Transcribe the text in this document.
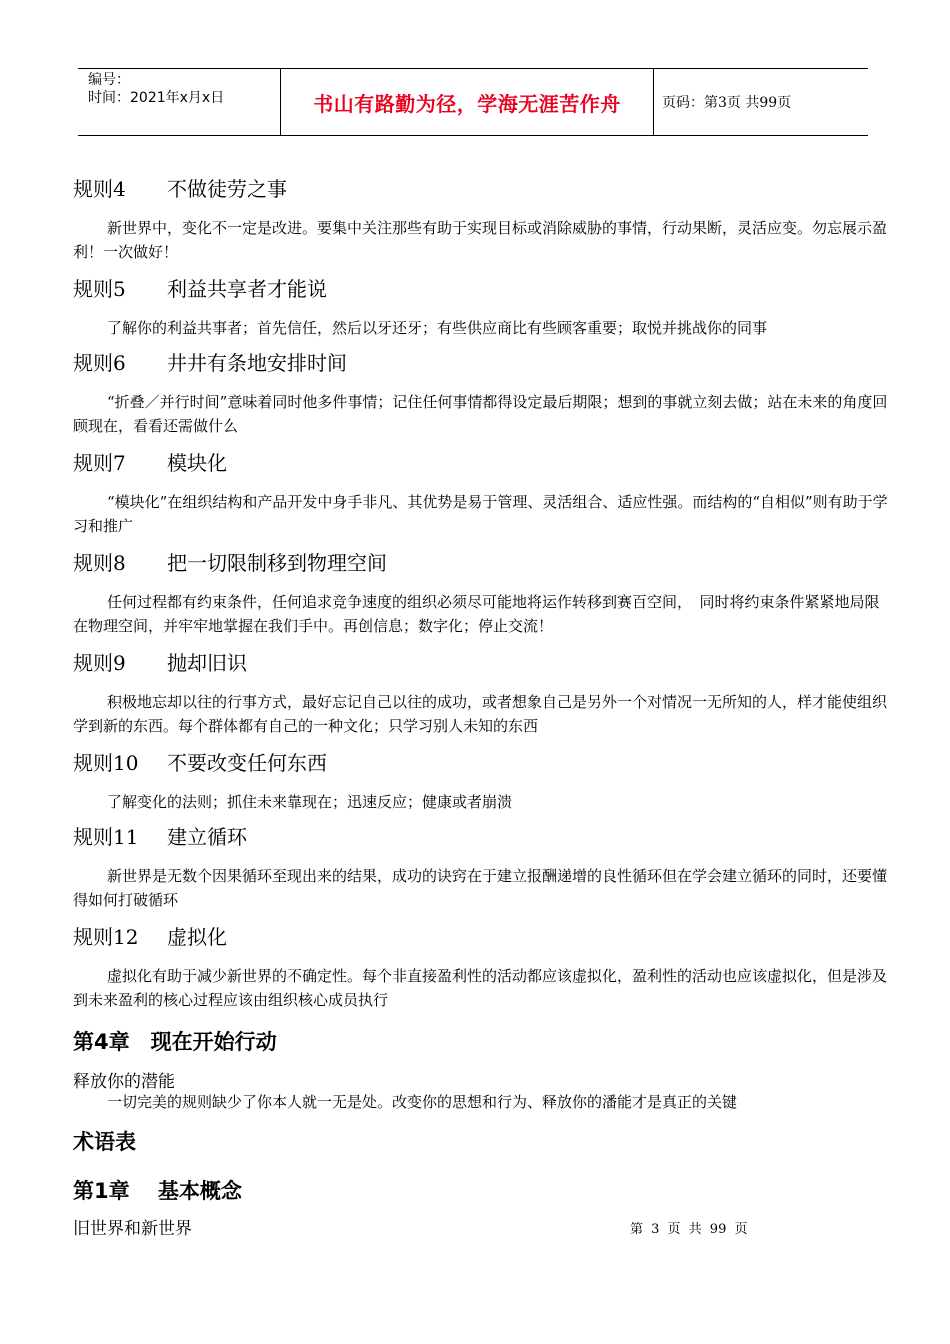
编号：
时间：2021年x月x日	书山有路勤为径，学海无涯苦作舟	页码：第3页 共99页
规则4	不做徒劳之事

新世界中，变化不一定是改进。要集中关注那些有助于实现目标或消除威胁的事情，行动果断，灵活应变。勿忘展示盈利！一次做好！

规则5	利益共享者才能说

了解你的利益共事者；首先信任，然后以牙还牙；有些供应商比有些顾客重要；取悦并挑战你的同事

规则6	井井有条地安排时间

“折叠／并行时间”意味着同时他多件事情；记住任何事情都得设定最后期限；想到的事就立刻去做；站在未来的角度回顾现在，看看还需做什么

规则7	模块化

“模块化”在组织结构和产品开发中身手非凡、其优势是易于管理、灵活组合、适应性强。而结构的“自相似”则有助于学习和推广

规则8	把一切限制移到物理空间

任何过程都有约束条件，任何追求竞争速度的组织必须尽可能地将运作转移到赛百空间，　同时将约束条件紧紧地局限在物理空间，并牢牢地掌握在我们手中。再创信息；数字化；停止交流！

规则9	抛却旧识

积极地忘却以往的行事方式，最好忘记自己以往的成功，或者想象自己是另外一个对情况一无所知的人，样才能使组织学到新的东西。每个群体都有自己的一种文化；只学习别人未知的东西

规则10	不要改变任何东西

了解变化的法则；抓住未来靠现在；迅速反应；健康或者崩溃

规则11	建立循环

新世界是无数个因果循环至现出来的结果，成功的诀窍在于建立报酬递增的良性循环但在学会建立循环的同时，还要懂得如何打破循环

规则12	虚拟化

虚拟化有助于减少新世界的不确定性。每个非直接盈利性的活动都应该虚拟化，盈利性的活动也应该虚拟化，但是涉及到未来盈利的核心过程应该由组织核心成员执行

第4章　现在开始行动
释放你的潜能
一切完美的规则缺少了你本人就一无是处。改变你的思想和行为、释放你的潘能才是真正的关键
术语表
第1章　 基本概念
旧世界和新世界	第 3 页 共 99 页
